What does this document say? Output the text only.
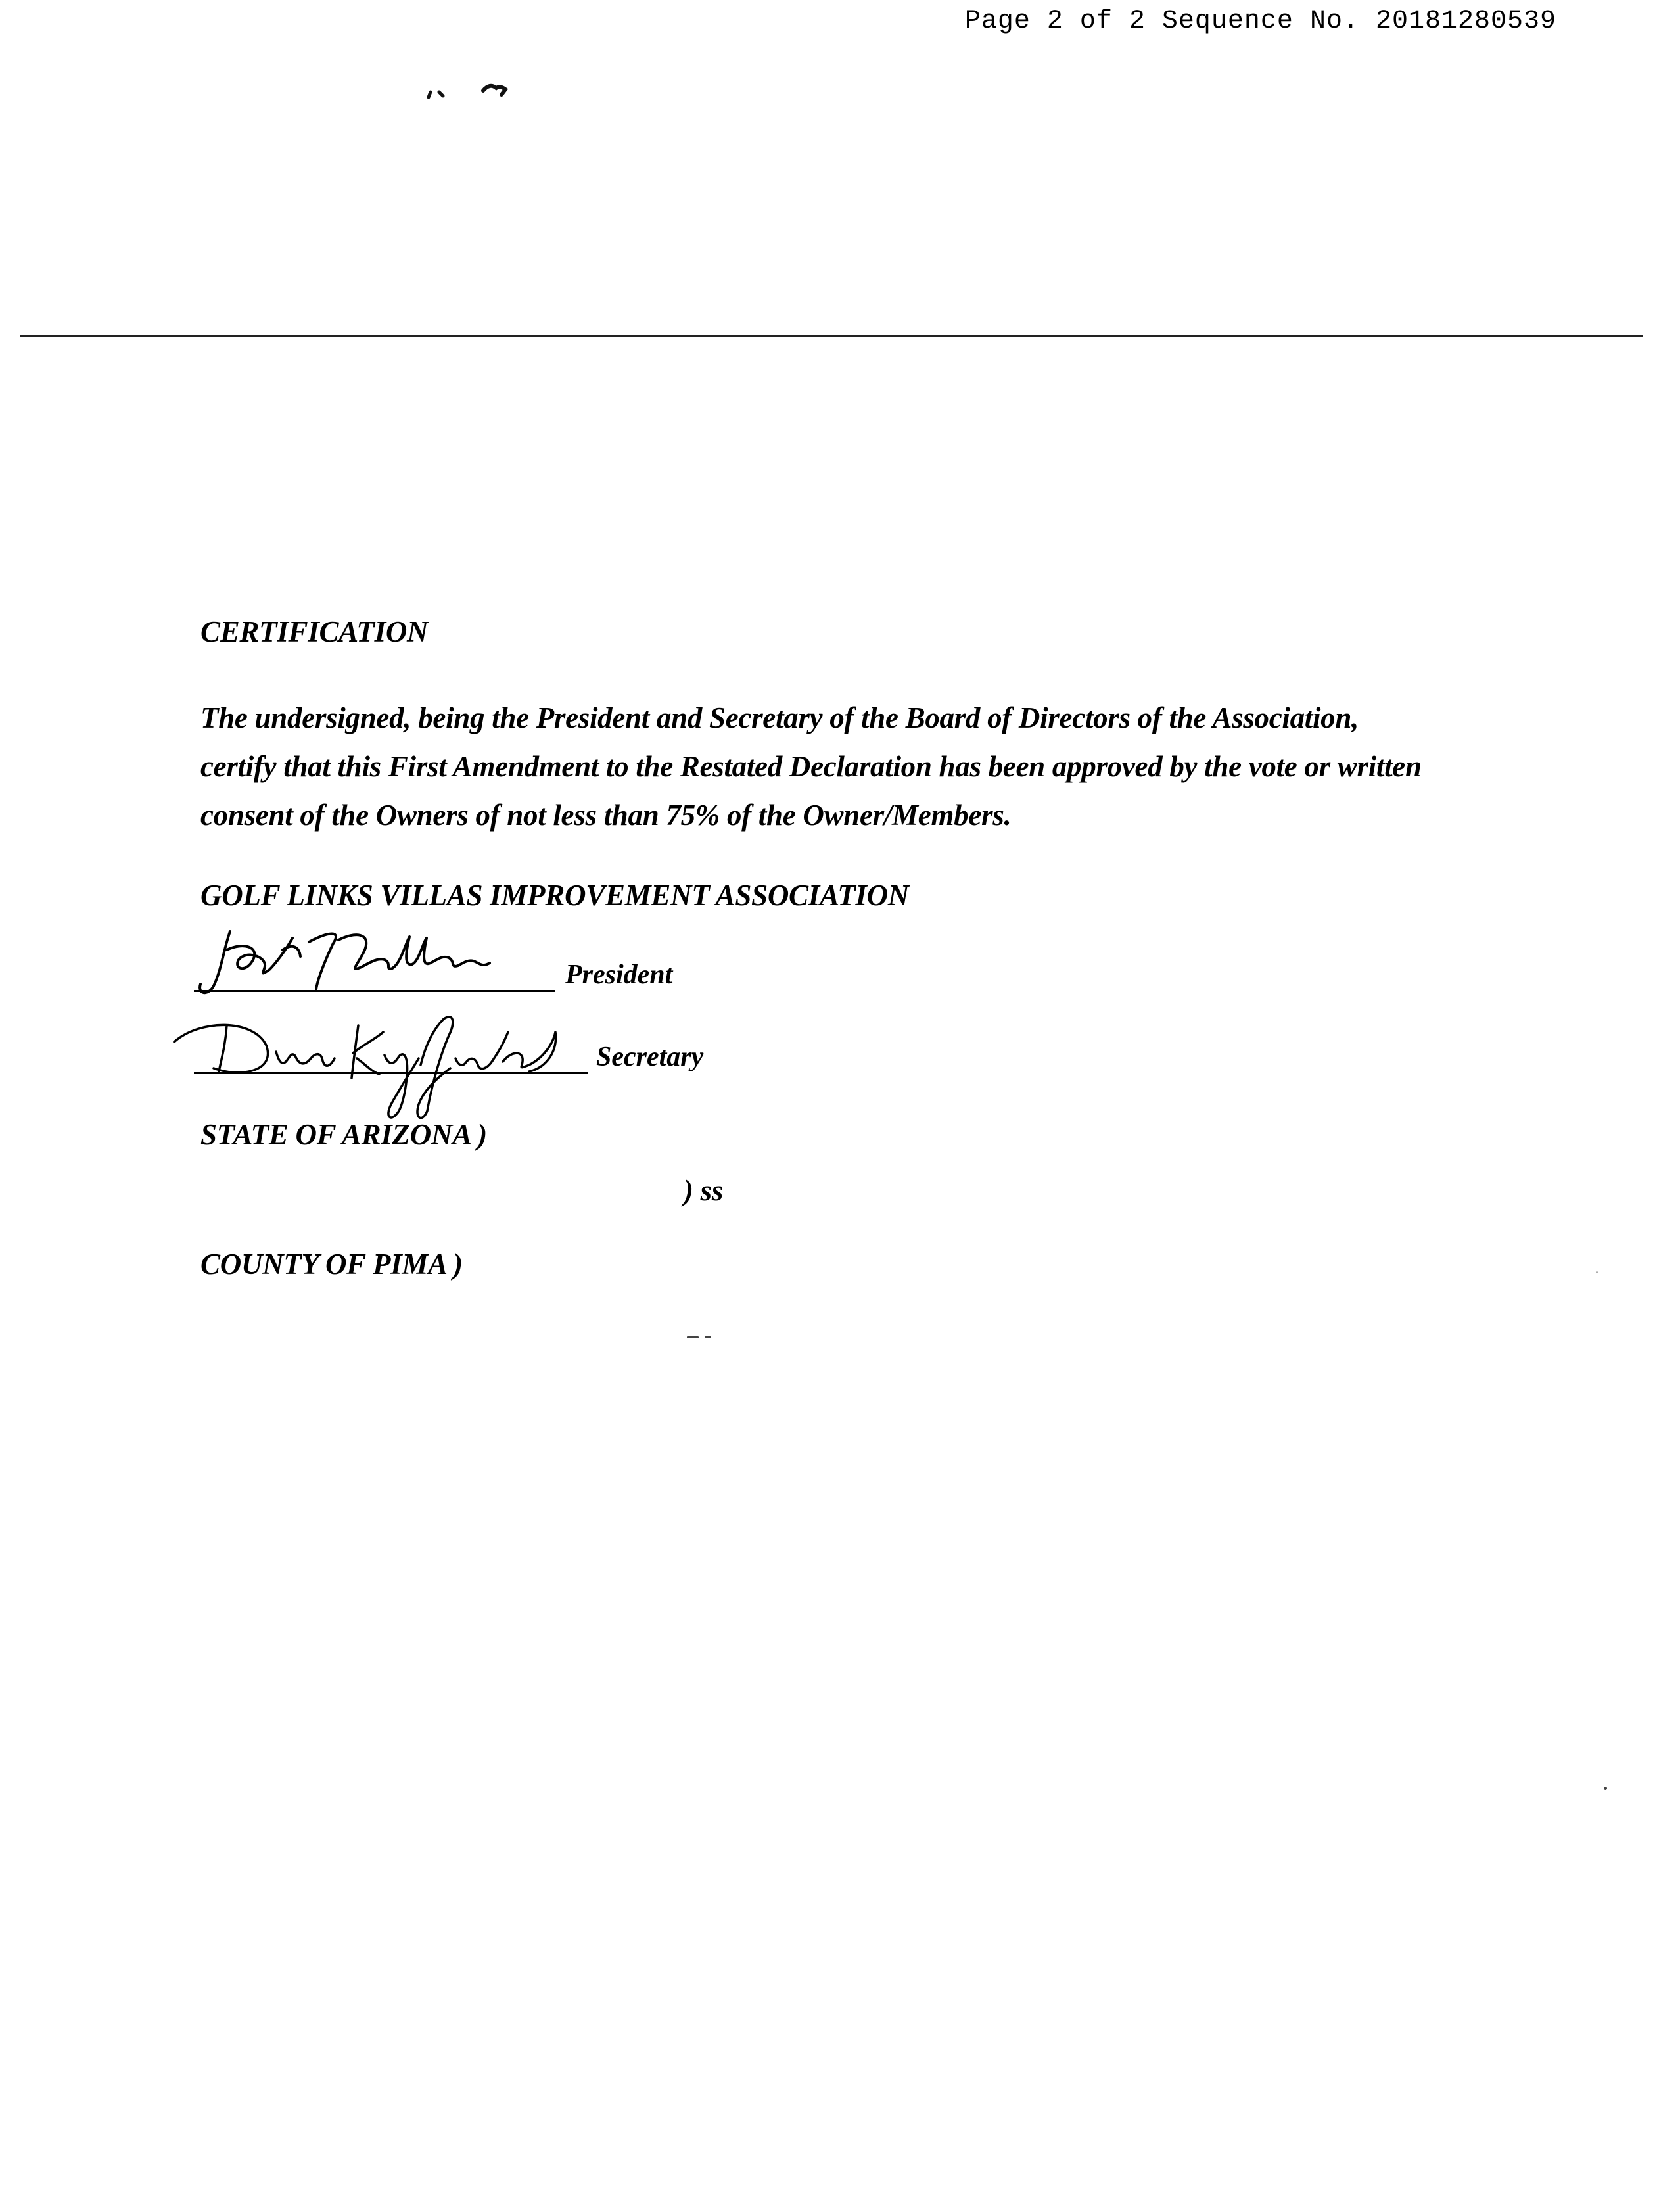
Page 2 of 2 Sequence No. 20181280539
CERTIFICATION
The undersigned, being the President and Secretary of the Board of Directors of the Association,
certify that this First Amendment to the Restated Declaration has been approved by the vote or written
consent of the Owners of not less than 75% of the Owner/Members.
GOLF LINKS VILLAS IMPROVEMENT ASSOCIATION
President
Secretary
STATE OF ARIZONA )
) ss
COUNTY OF PIMA )
